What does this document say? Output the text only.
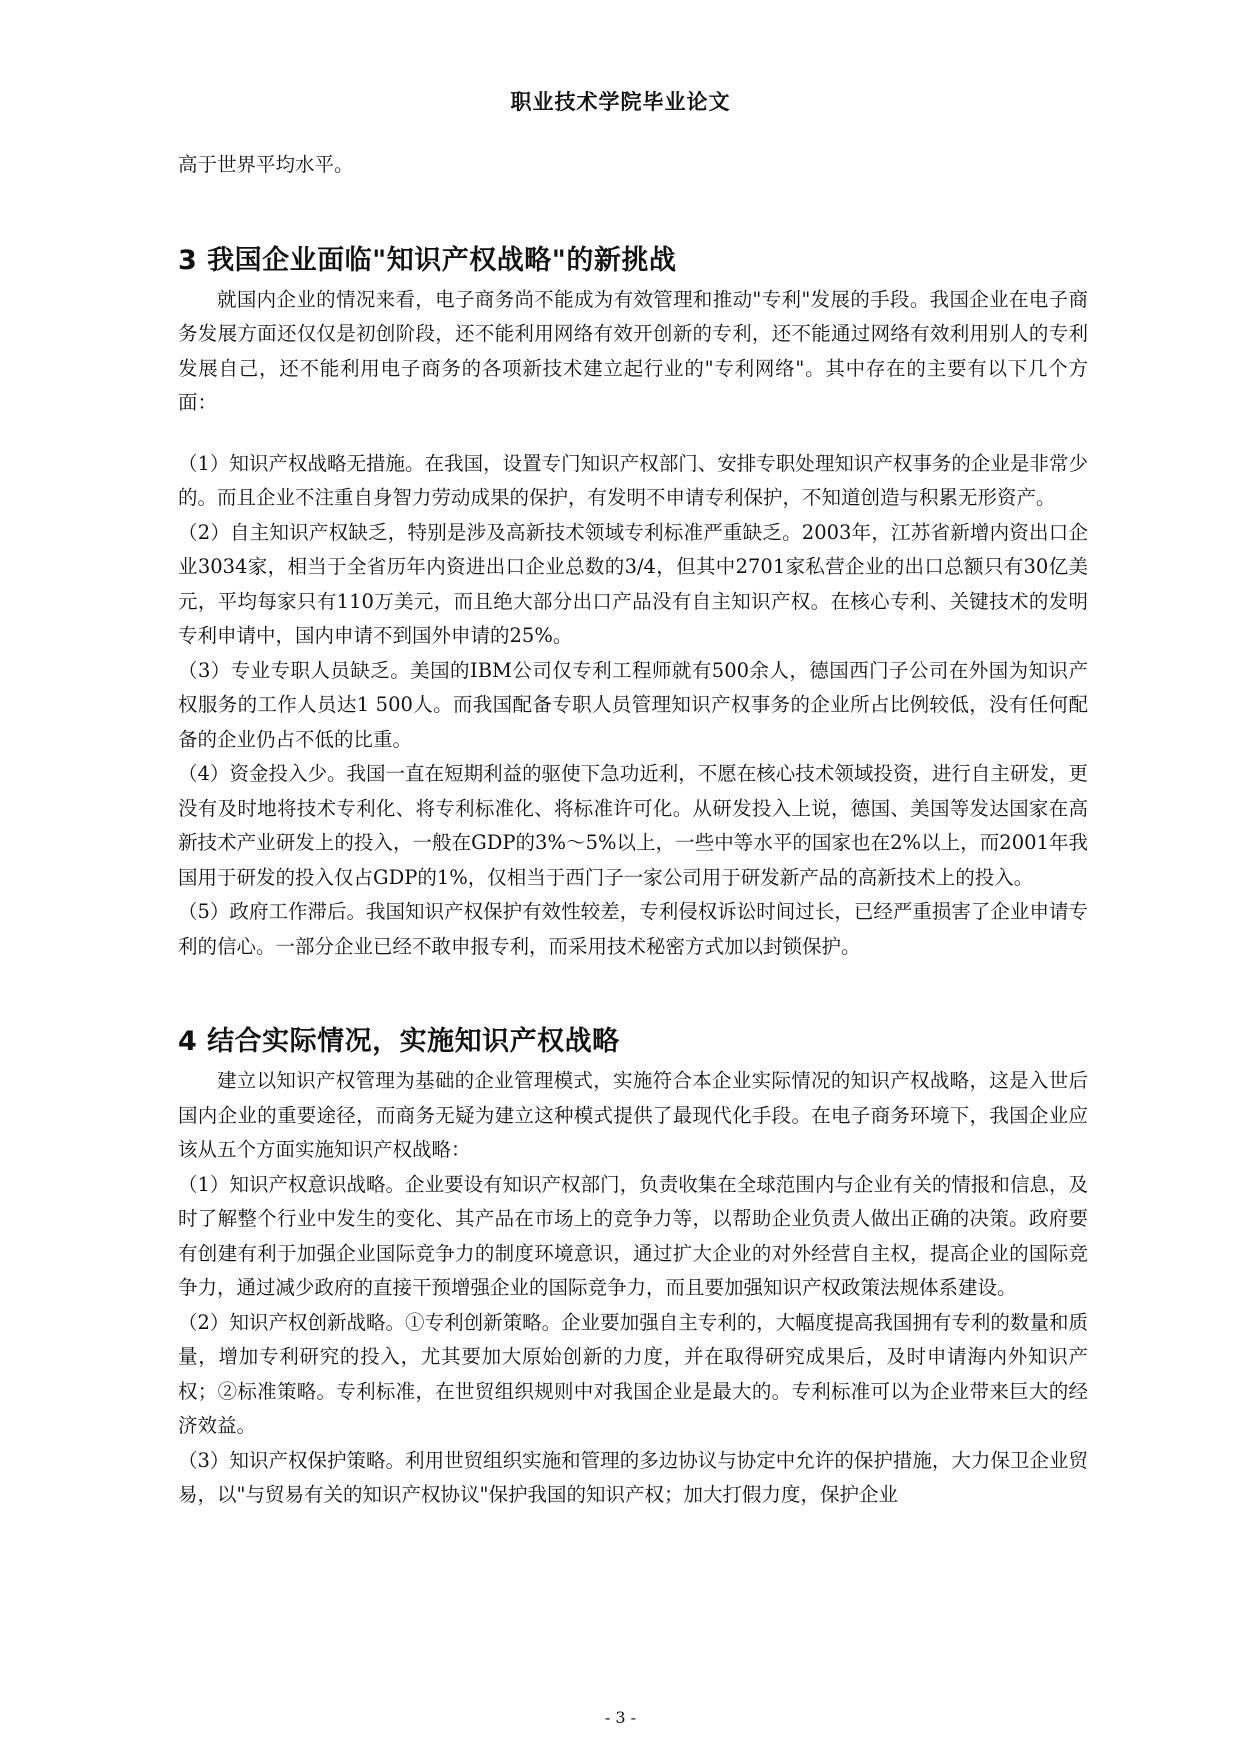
职业技术学院毕业论文

高于世界平均水平。

3 我国企业面临"知识产权战略"的新挑战

就国内企业的情况来看，电子商务尚不能成为有效管理和推动"专利"发展的手段。我国企业在电子商务发展方面还仅仅是初创阶段，还不能利用网络有效开创新的专利，还不能通过网络有效利用别人的专利发展自己，还不能利用电子商务的各项新技术建立起行业的"专利网络"。其中存在的主要有以下几个方面：

（1）知识产权战略无措施。在我国，设置专门知识产权部门、安排专职处理知识产权事务的企业是非常少的。而且企业不注重自身智力劳动成果的保护，有发明不申请专利保护，不知道创造与积累无形资产。

（2）自主知识产权缺乏，特别是涉及高新技术领域专利标准严重缺乏。2003年，江苏省新增内资出口企业3034家，相当于全省历年内资进出口企业总数的3/4，但其中2701家私营企业的出口总额只有30亿美元，平均每家只有110万美元，而且绝大部分出口产品没有自主知识产权。在核心专利、关键技术的发明专利申请中，国内申请不到国外申请的25%。

（3）专业专职人员缺乏。美国的IBM公司仅专利工程师就有500余人，德国西门子公司在外国为知识产权服务的工作人员达1 500人。而我国配备专职人员管理知识产权事务的企业所占比例较低，没有任何配备的企业仍占不低的比重。

（4）资金投入少。我国一直在短期利益的驱使下急功近利，不愿在核心技术领域投资，进行自主研发，更没有及时地将技术专利化、将专利标准化、将标准许可化。从研发投入上说，德国、美国等发达国家在高新技术产业研发上的投入，一般在GDP的3%～5%以上，一些中等水平的国家也在2%以上，而2001年我国用于研发的投入仅占GDP的1%，仅相当于西门子一家公司用于研发新产品的高新技术上的投入。

（5）政府工作滞后。我国知识产权保护有效性较差，专利侵权诉讼时间过长，已经严重损害了企业申请专利的信心。一部分企业已经不敢申报专利，而采用技术秘密方式加以封锁保护。

4 结合实际情况，实施知识产权战略

建立以知识产权管理为基础的企业管理模式，实施符合本企业实际情况的知识产权战略，这是入世后国内企业的重要途径，而商务无疑为建立这种模式提供了最现代化手段。在电子商务环境下，我国企业应该从五个方面实施知识产权战略：

（1）知识产权意识战略。企业要设有知识产权部门，负责收集在全球范围内与企业有关的情报和信息，及时了解整个行业中发生的变化、其产品在市场上的竞争力等，以帮助企业负责人做出正确的决策。政府要有创建有利于加强企业国际竞争力的制度环境意识，通过扩大企业的对外经营自主权，提高企业的国际竞争力，通过减少政府的直接干预增强企业的国际竞争力，而且要加强知识产权政策法规体系建设。

（2）知识产权创新战略。①专利创新策略。企业要加强自主专利的，大幅度提高我国拥有专利的数量和质量，增加专利研究的投入，尤其要加大原始创新的力度，并在取得研究成果后，及时申请海内外知识产权；②标准策略。专利标准，在世贸组织规则中对我国企业是最大的。专利标准可以为企业带来巨大的经济效益。

（3）知识产权保护策略。利用世贸组织实施和管理的多边协议与协定中允许的保护措施，大力保卫企业贸易，以"与贸易有关的知识产权协议"保护我国的知识产权；加大打假力度，保护企业

- 3 -
